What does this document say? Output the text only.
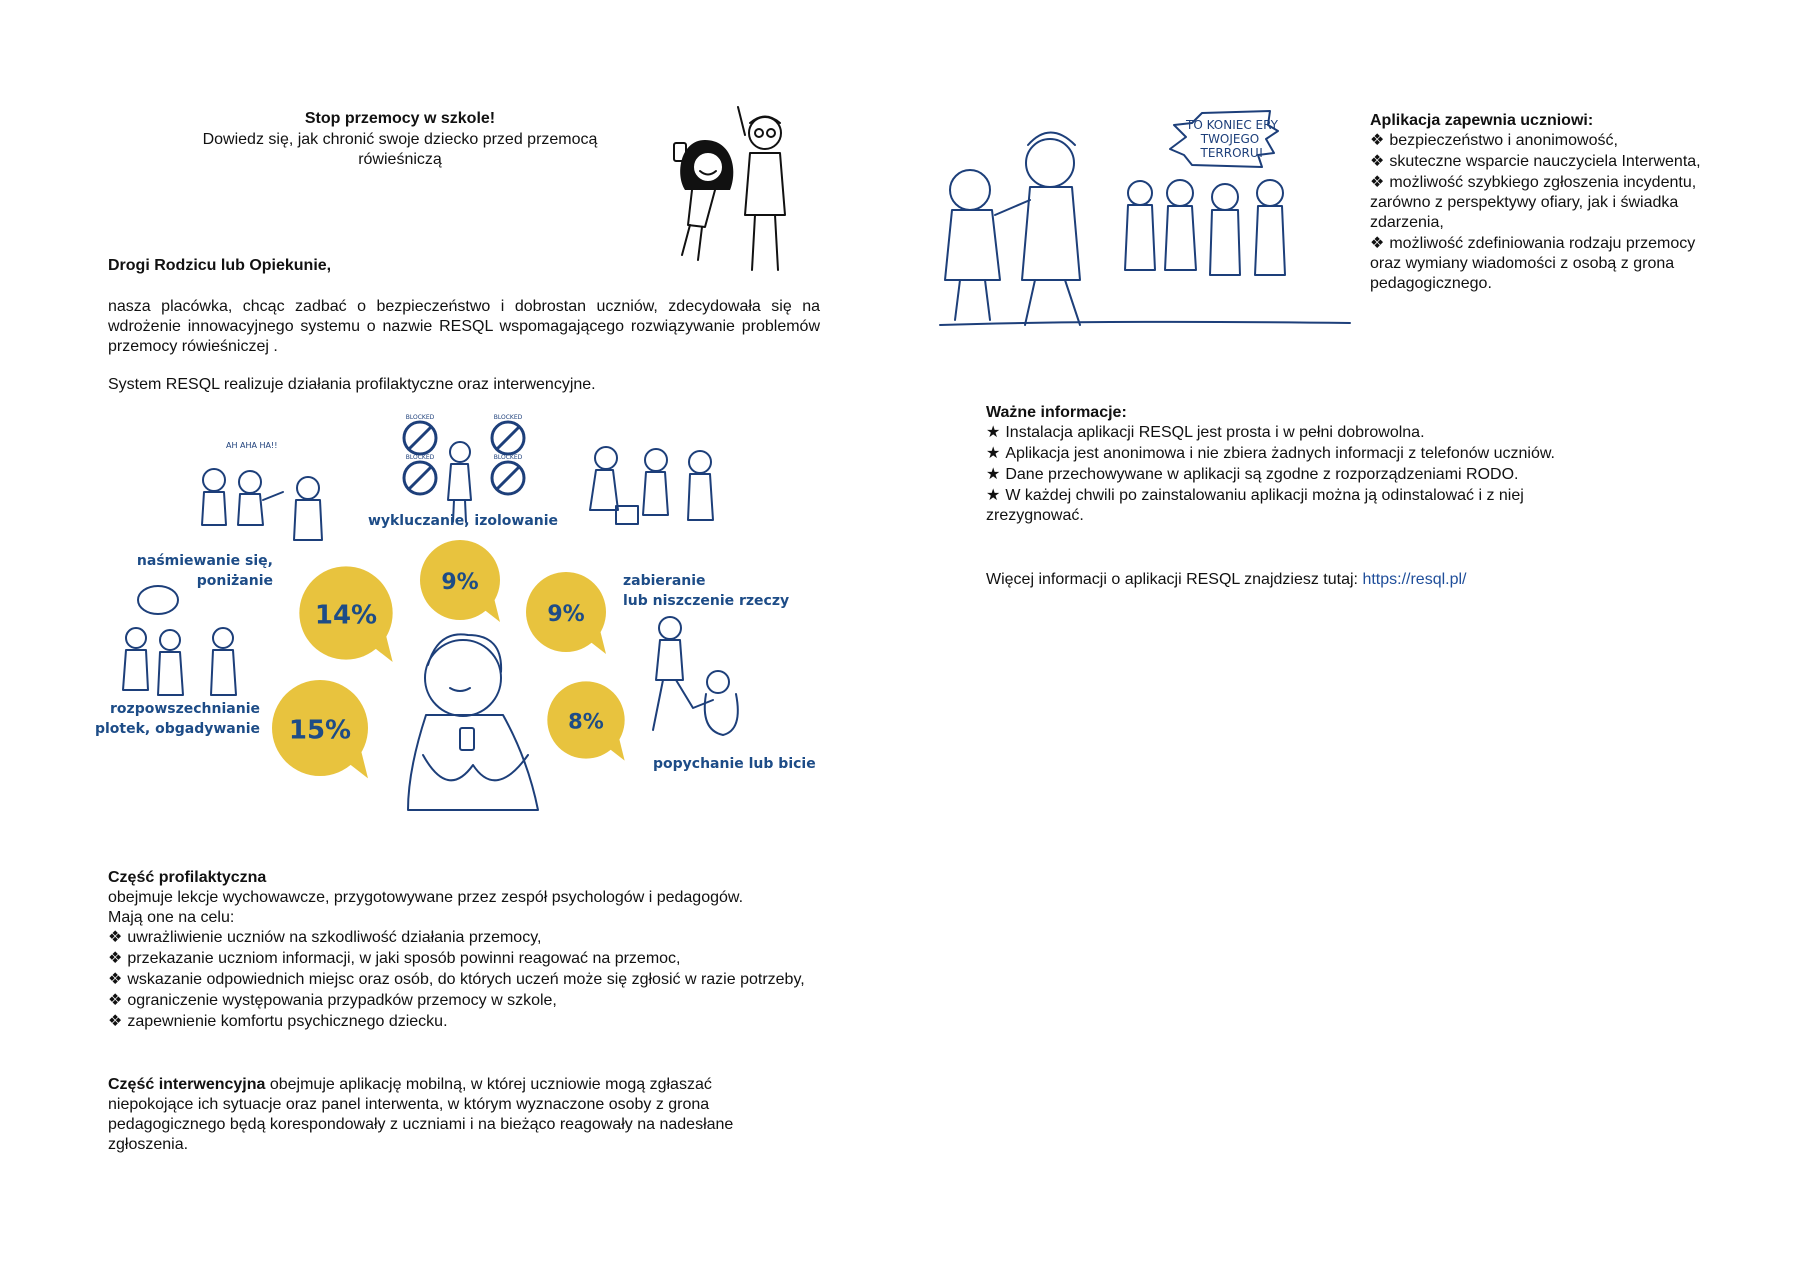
Stop przemocy w szkole!
Dowiedz się, jak chronić swoje dziecko przed przemocą
rówieśniczą
Drogi Rodzicu lub Opiekunie,
nasza placówka, chcąc zadbać o bezpieczeństwo i dobrostan uczniów, zdecydowała się na wdrożenie innowacyjnego systemu o nazwie RESQL wspomagającego rozwiązywanie problemów przemocy rówieśniczej .
System RESQL realizuje działania profilaktyczne oraz interwencyjne.
AH AHA HA!!
BLOCKED	BLOCKED
BLOCKED	BLOCKED
14%
9%
9%
15%	8%
naśmiewanie się,
poniżanie
wykluczanie, izolowanie
zabieranie
lub niszczenie rzeczy
rozpowszechnianie
plotek, obgadywanie
popychanie lub bicie
Część profilaktyczna
obejmuje lekcje wychowawcze, przygotowywane przez zespół psychologów i pedagogów.
Mają one na celu:
❖ uwrażliwienie uczniów na szkodliwość działania przemocy,
❖ przekazanie uczniom informacji, w jaki sposób powinni reagować na przemoc,
❖ wskazanie odpowiednich miejsc oraz osób, do których uczeń może się zgłosić w razie potrzeby,
❖ ograniczenie występowania przypadków przemocy w szkole,
❖ zapewnienie komfortu psychicznego dziecku.
Część interwencyjna obejmuje aplikację mobilną, w której uczniowie mogą zgłaszać niepokojące ich sytuacje oraz panel interwenta, w którym wyznaczone osoby z grona pedagogicznego będą korespondowały z uczniami i na bieżąco reagowały na nadesłane zgłoszenia.
TO KONIEC ERY
TWOJEGO
TERRORU!
Aplikacja zapewnia uczniowi:
❖ bezpieczeństwo i anonimowość,
❖ skuteczne wsparcie nauczyciela Interwenta,
❖ możliwość szybkiego zgłoszenia incydentu, zarówno z perspektywy ofiary, jak i świadka zdarzenia,
❖ możliwość zdefiniowania rodzaju przemocy oraz wymiany wiadomości z osobą z grona pedagogicznego.
Ważne informacje:
★ Instalacja aplikacji RESQL jest prosta i w pełni dobrowolna.
★ Aplikacja jest anonimowa i nie zbiera żadnych informacji z telefonów uczniów.
★ Dane przechowywane w aplikacji są zgodne z rozporządzeniami RODO.
★ W każdej chwili po zainstalowaniu aplikacji można ją odinstalować i z niej zrezygnować.
Więcej informacji o aplikacji RESQL znajdziesz tutaj: https://resql.pl/
